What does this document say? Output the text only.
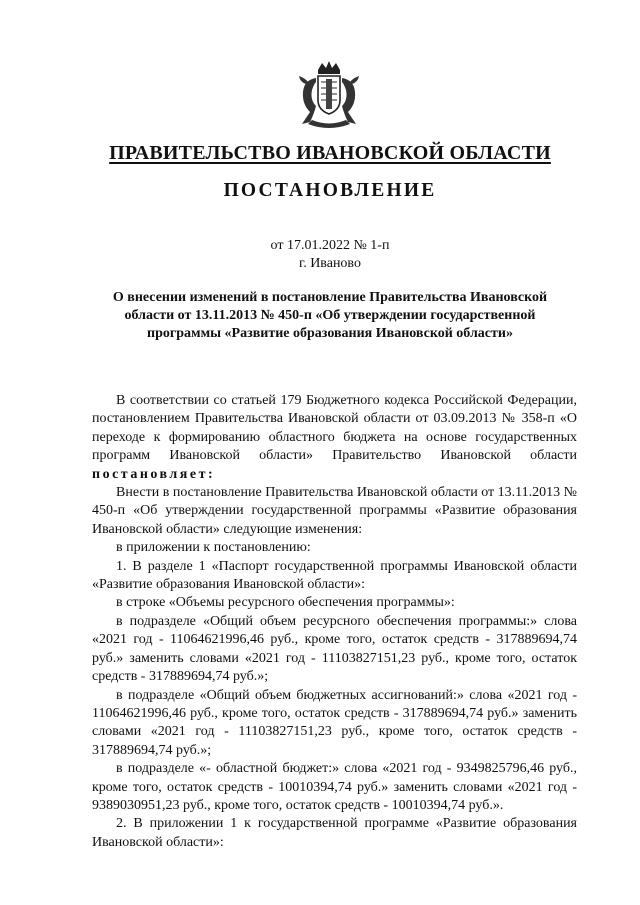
ПРАВИТЕЛЬСТВО ИВАНОВСКОЙ ОБЛАСТИ
ПОСТАНОВЛЕНИЕ
от 17.01.2022 № 1-п
г. Иваново
О внесении изменений в постановление Правительства Ивановской области от 13.11.2013 № 450-п «Об утверждении государственной программы «Развитие образования Ивановской области»

В соответствии со статьей 179 Бюджетного кодекса Российской Федерации, постановлением Правительства Ивановской области от 03.09.2013 № 358-п «О переходе к формированию областного бюджета на основе государственных программ Ивановской области» Правительство Ивановской области постановляет:

Внести в постановление Правительства Ивановской области от 13.11.2013 № 450-п «Об утверждении государственной программы «Развитие образования Ивановской области» следующие изменения:

в приложении к постановлению:

1. В разделе 1 «Паспорт государственной программы Ивановской области «Развитие образования Ивановской области»:

в строке «Объемы ресурсного обеспечения программы»:

в подразделе «Общий объем ресурсного обеспечения программы:» слова «2021 год - 11064621996,46 руб., кроме того, остаток средств - 317889694,74 руб.» заменить словами «2021 год - 11103827151,23 руб., кроме того, остаток средств - 317889694,74 руб.»;

в подразделе «Общий объем бюджетных ассигнований:» слова «2021 год - 11064621996,46 руб., кроме того, остаток средств - 317889694,74 руб.» заменить словами «2021 год - 11103827151,23 руб., кроме того, остаток средств - 317889694,74 руб.»;

в подразделе «- областной бюджет:» слова «2021 год - 9349825796,46 руб., кроме того, остаток средств - 10010394,74 руб.» заменить словами «2021 год - 9389030951,23 руб., кроме того, остаток средств - 10010394,74 руб.».

2. В приложении 1 к государственной программе «Развитие образования Ивановской области»:
